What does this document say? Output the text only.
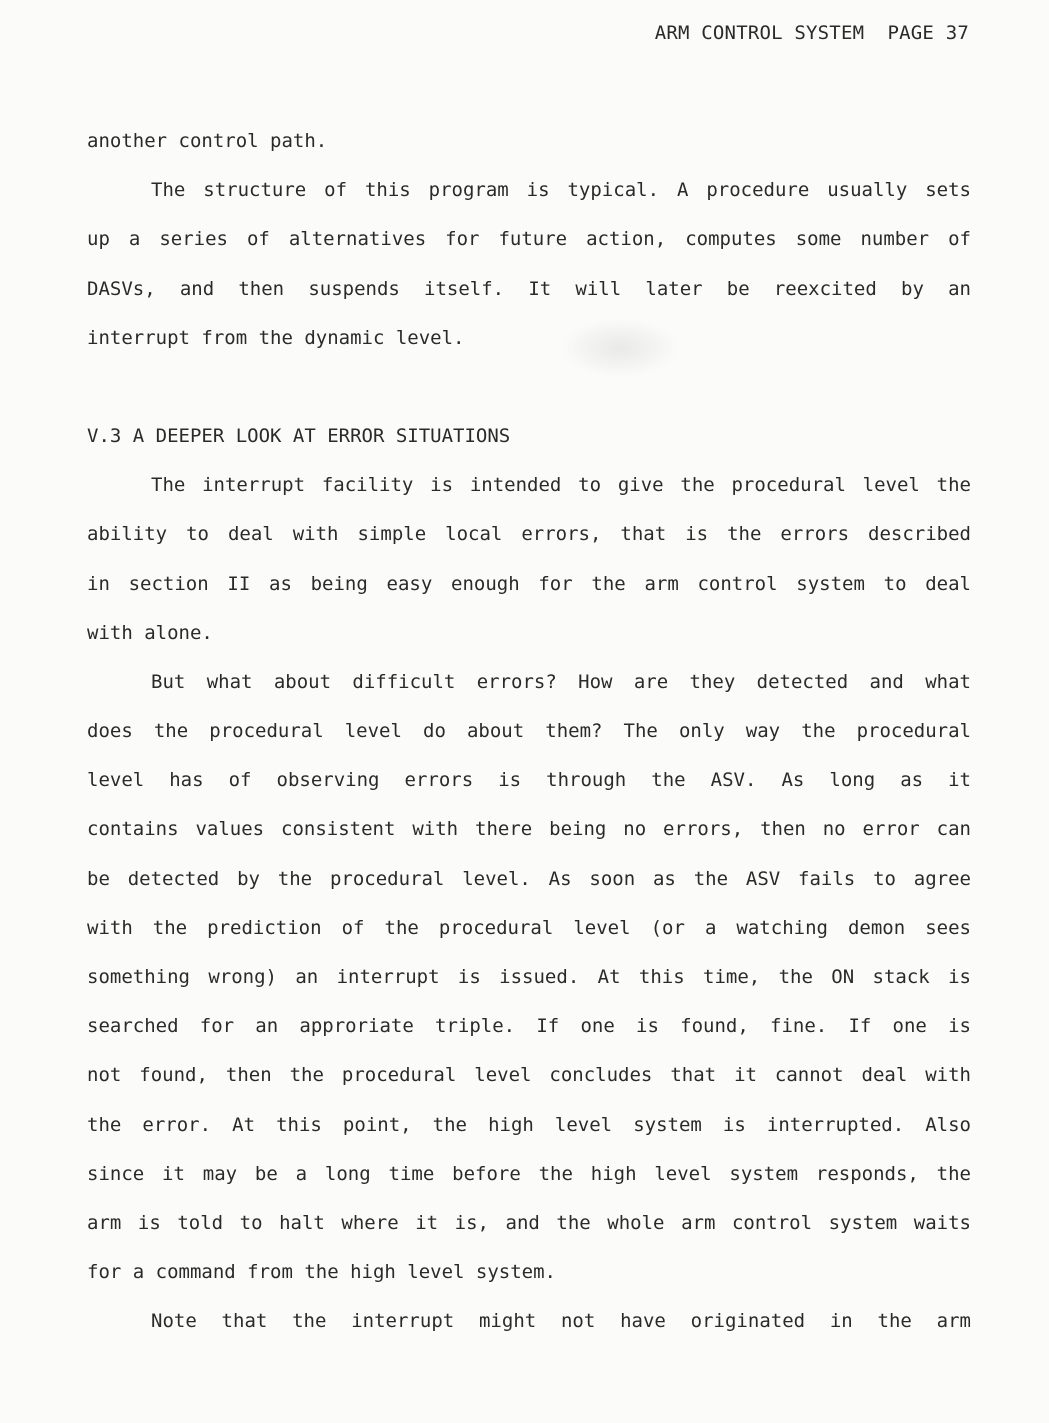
ARM CONTROL SYSTEM PAGE 37
another control path.
The structure of this program is typical. A procedure usually sets
up a series of alternatives for future action, computes some number of
DASVs, and then suspends itself. It will later be reexcited by an
interrupt from the dynamic level.
V.3 A DEEPER LOOK AT ERROR SITUATIONS
The interrupt facility is intended to give the procedural level the
ability to deal with simple local errors, that is the errors described
in section II as being easy enough for the arm control system to deal
with alone.
But what about difficult errors? How are they detected and what
does the procedural level do about them? The only way the procedural
level has of observing errors is through the ASV. As long as it
contains values consistent with there being no errors, then no error can
be detected by the procedural level. As soon as the ASV fails to agree
with the prediction of the procedural level (or a watching demon sees
something wrong) an interrupt is issued. At this time, the ON stack is
searched for an approriate triple. If one is found, fine. If one is
not found, then the procedural level concludes that it cannot deal with
the error. At this point, the high level system is interrupted. Also
since it may be a long time before the high level system responds, the
arm is told to halt where it is, and the whole arm control system waits
for a command from the high level system.
Note that the interrupt might not have originated in the arm
